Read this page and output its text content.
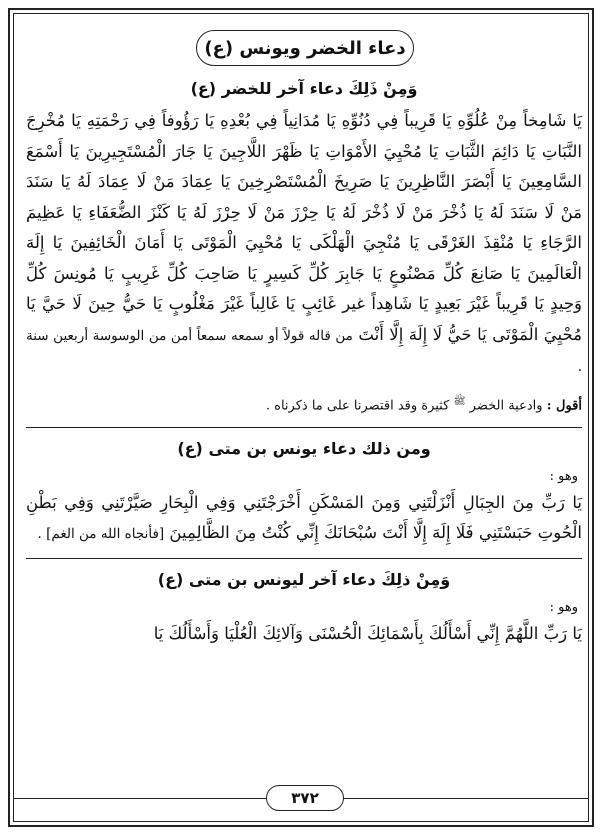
دعاء الخضر ويونس (ع)
وَمِنْ ذَلِكَ دعاء آخر للخضر (ع)

يَا شَامِخاً مِنْ عُلُوِّهِ يَا قَرِيباً فِي دُنُوِّهِ يَا مُدَانِياً فِي بُعْدِهِ يَا رَؤُوفاً فِي رَحْمَتِهِ يَا مُخْرِجَ النَّبَاتِ يَا دَائِمَ الثَّبَاتِ يَا مُحْيِيَ الأَمْوَاتِ يَا ظَهْرَ اللَّاجِينَ يَا جَارَ الْمُسْتَجِيرِينَ يَا أَسْمَعَ السَّامِعِينَ يَا أَبْصَرَ النَّاظِرِينَ يَا صَرِيخَ الْمُسْتَصْرِخِينَ يَا عِمَادَ مَنْ لَا عِمَادَ لَهُ يَا سَنَدَ مَنْ لَا سَنَدَ لَهُ يَا ذُخْرَ مَنْ لَا ذُخْرَ لَهُ يَا حِرْزَ مَنْ لَا حِرْزَ لَهُ يَا كَنْزَ الضُّعَفَاءِ يَا عَظِيمَ الرَّجَاءِ يَا مُنْقِذَ الغَرْقَى يَا مُنْجِيَ الْهَلْكَى يَا مُحْيِيَ الْمَوْتَى يَا أَمَانَ الْخَائِفِينَ يَا إِلَهَ الْعَالَمِينَ يَا صَانِعَ كُلِّ مَصْنُوعٍ يَا جَابِرَ كُلِّ كَسِيرٍ يَا صَاحِبَ كُلِّ غَرِيبٍ يَا مُونِسَ كُلِّ وَحِيدٍ يَا قَرِيباً غَيْرَ بَعِيدٍ يَا شَاهِداً غير غَائِبٍ يَا غَالِباً غَيْرَ مَغْلُوبٍ يَا حَيُّ حِينَ لَا حَيَّ يَا مُحْيِيَ الْمَوْتَى يَا حَيُّ لَا إِلَهَ إِلَّا أَنْتَ من قاله قولاً أو سمعه سمعاً أمن من الوسوسة أربعين سنة .

أقول : وادعية الخضر $^ﷺ$ كثيرة وقد اقتصرنا على ما ذكرناه .

ومن ذلك دعاء يونس بن متى (ع)

وهو :

يَا رَبِّ مِنَ الجِبَالِ أَنْزَلْتَنِي وَمِنَ المَسْكَنِ أَخْرَجْتَنِي وَفِي الْبِحَارِ صَيَّرْتَنِي وَفِي بَطْنِ الْحُوتِ حَبَسْتَنِي فَلَا إِلَهَ إِلَّا أَنْتَ سُبْحَانَكَ إِنِّي كُنْتُ مِنَ الظَّالِمِينَ [فأنجاه الله من الغم] .

وَمِنْ ذلِكَ دعاء آخر ليونس بن متى (ع)

وهو :

يَا رَبِّ اللَّهُمَّ إِنِّي أَسْأَلُكَ بِأَسْمَائِكَ الْحُسْنَى وَآلائِكَ الْعُلْيَا وَأَسْأَلُكَ يَا

٣٧٢
